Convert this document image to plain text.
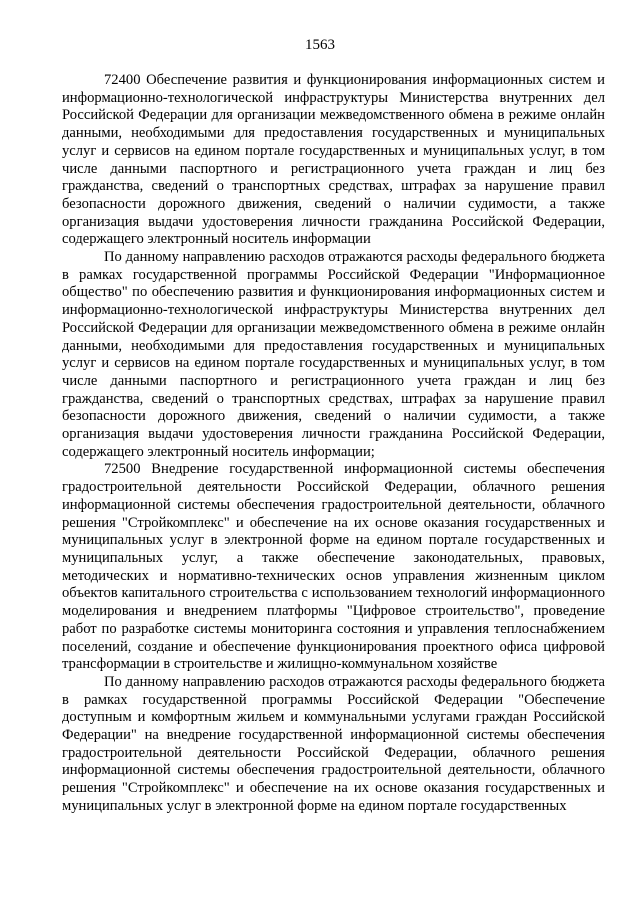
1563

72400 Обеспечение развития и функционирования информационных систем и информационно-технологической инфраструктуры Министерства внутренних дел Российской Федерации для организации межведомственного обмена в режиме онлайн данными, необходимыми для предоставления государственных и муниципальных услуг и сервисов на едином портале государственных и муниципальных услуг, в том числе данными паспортного и регистрационного учета граждан и лиц без гражданства, сведений о транспортных средствах, штрафах за нарушение правил безопасности дорожного движения, сведений о наличии судимости, а также организация выдачи удостоверения личности гражданина Российской Федерации, содержащего электронный носитель информации

По данному направлению расходов отражаются расходы федерального бюджета в рамках государственной программы Российской Федерации "Информационное общество" по обеспечению развития и функционирования информационных систем и информационно-технологической инфраструктуры Министерства внутренних дел Российской Федерации для организации межведомственного обмена в режиме онлайн данными, необходимыми для предоставления государственных и муниципальных услуг и сервисов на едином портале государственных и муниципальных услуг, в том числе данными паспортного и регистрационного учета граждан и лиц без гражданства, сведений о транспортных средствах, штрафах за нарушение правил безопасности дорожного движения, сведений о наличии судимости, а также организация выдачи удостоверения личности гражданина Российской Федерации, содержащего электронный носитель информации;

72500 Внедрение государственной информационной системы обеспечения градостроительной деятельности Российской Федерации, облачного решения информационной системы обеспечения градостроительной деятельности, облачного решения "Стройкомплекс" и обеспечение на их основе оказания государственных и муниципальных услуг в электронной форме на едином портале государственных и муниципальных услуг, а также обеспечение законодательных, правовых, методических и нормативно-технических основ управления жизненным циклом объектов капитального строительства с использованием технологий информационного моделирования и внедрением платформы "Цифровое строительство", проведение работ по разработке системы мониторинга состояния и управления теплоснабжением поселений, создание и обеспечение функционирования проектного офиса цифровой трансформации в строительстве и жилищно-коммунальном хозяйстве

По данному направлению расходов отражаются расходы федерального бюджета в рамках государственной программы Российской Федерации "Обеспечение доступным и комфортным жильем и коммунальными услугами граждан Российской Федерации" на внедрение государственной информационной системы обеспечения градостроительной деятельности Российской Федерации, облачного решения информационной системы обеспечения градостроительной деятельности, облачного решения "Стройкомплекс" и обеспечение на их основе оказания государственных и муниципальных услуг в электронной форме на едином портале государственных
